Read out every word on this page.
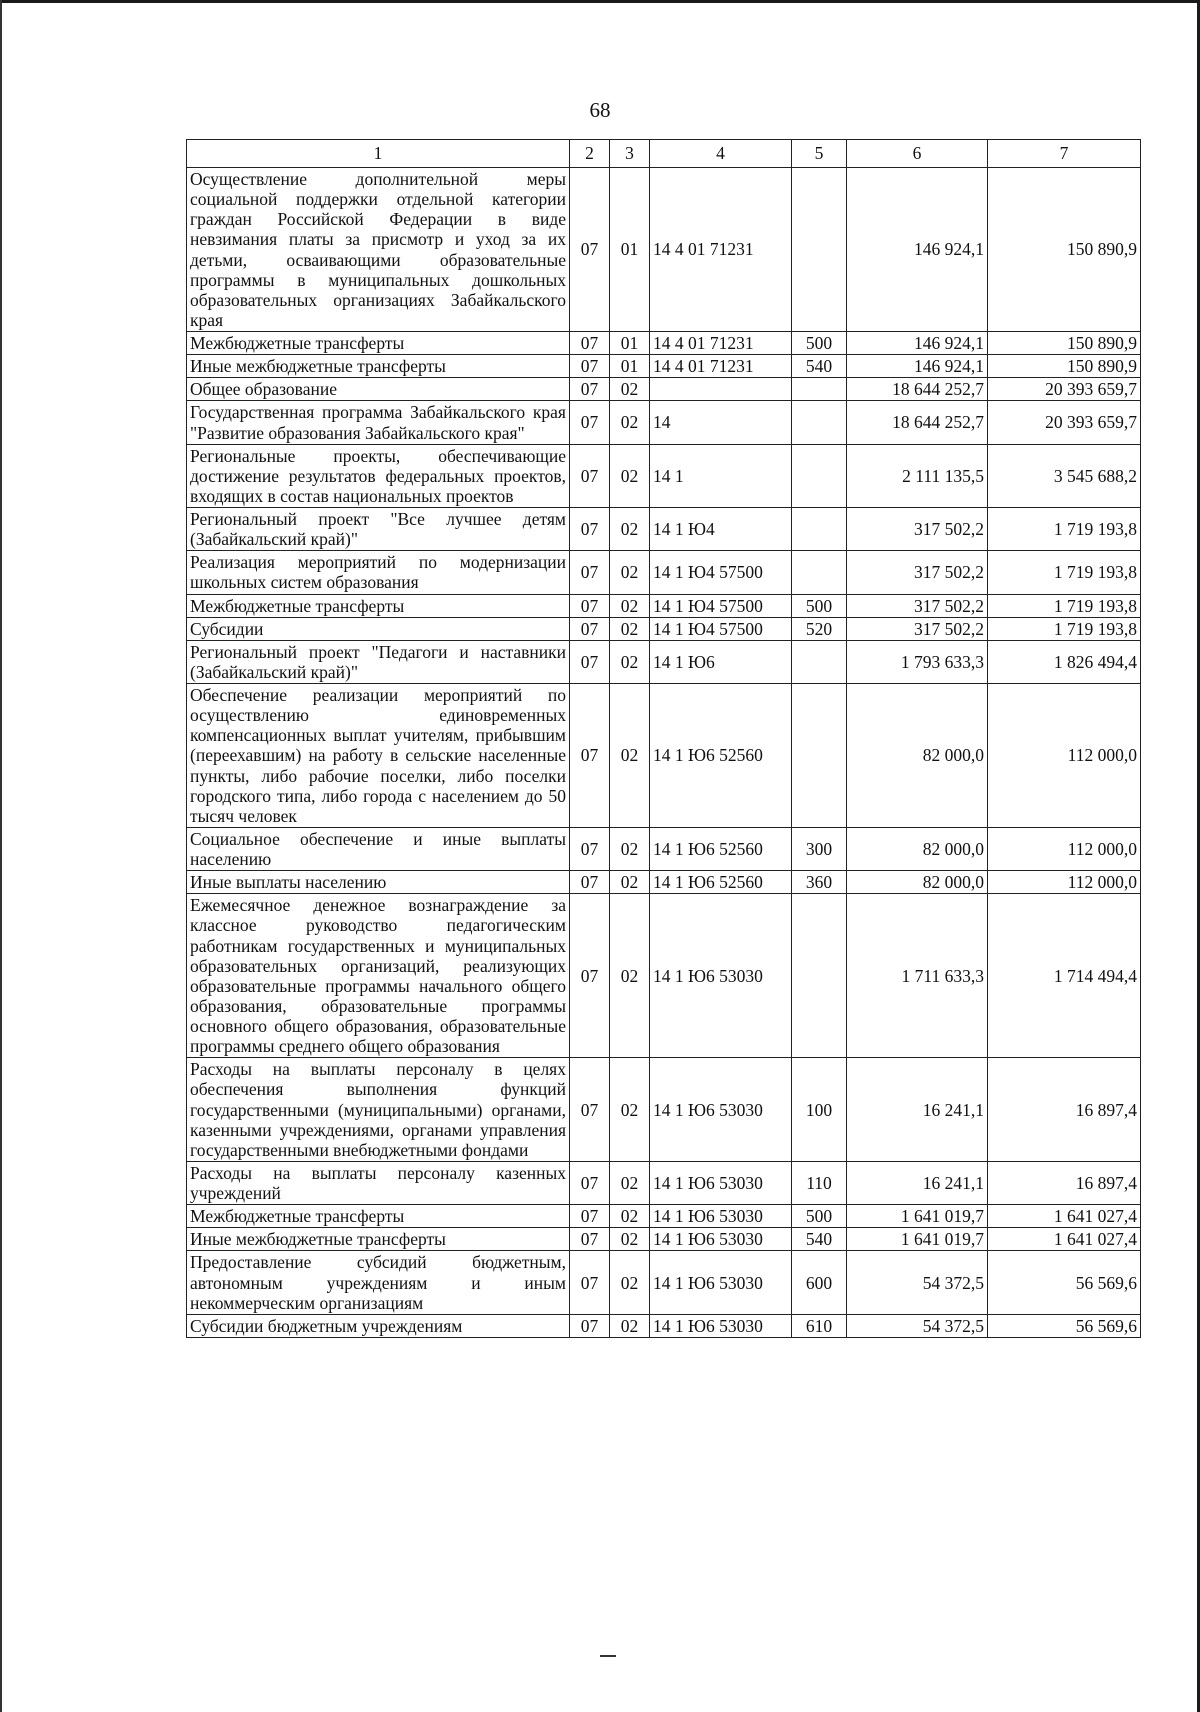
68
1	2	3	4	5	6	7
Осуществление дополнительной меры социальной поддержки отдельной категории граждан Российской Федерации в виде невзимания платы за присмотр и уход за их детьми, осваивающими образовательные программы в муниципальных дошкольных образовательных организациях Забайкальского края	07	01	14 4 01 71231		146 924,1	150 890,9
Межбюджетные трансферты	07	01	14 4 01 71231	500	146 924,1	150 890,9
Иные межбюджетные трансферты	07	01	14 4 01 71231	540	146 924,1	150 890,9
Общее образование	07	02			18 644 252,7	20 393 659,7
Государственная программа Забайкальского края "Развитие образования Забайкальского края"	07	02	14		18 644 252,7	20 393 659,7
Региональные проекты, обеспечивающие достижение результатов федеральных проектов, входящих в состав национальных проектов	07	02	14 1		2 111 135,5	3 545 688,2
Региональный проект "Все лучшее детям (Забайкальский край)"	07	02	14 1 Ю4		317 502,2	1 719 193,8
Реализация мероприятий по модернизации школьных систем образования	07	02	14 1 Ю4 57500		317 502,2	1 719 193,8
Межбюджетные трансферты	07	02	14 1 Ю4 57500	500	317 502,2	1 719 193,8
Субсидии	07	02	14 1 Ю4 57500	520	317 502,2	1 719 193,8
Региональный проект "Педагоги и наставники (Забайкальский край)"	07	02	14 1 Ю6		1 793 633,3	1 826 494,4
Обеспечение реализации мероприятий по осуществлению единовременных компенсационных выплат учителям, прибывшим (переехавшим) на работу в сельские населенные пункты, либо рабочие поселки, либо поселки городского типа, либо города с населением до 50 тысяч человек	07	02	14 1 Ю6 52560		82 000,0	112 000,0
Социальное обеспечение и иные выплаты населению	07	02	14 1 Ю6 52560	300	82 000,0	112 000,0
Иные выплаты населению	07	02	14 1 Ю6 52560	360	82 000,0	112 000,0
Ежемесячное денежное вознаграждение за классное руководство педагогическим работникам государственных и муниципальных образовательных организаций, реализующих образовательные программы начального общего образования, образовательные программы основного общего образования, образовательные программы среднего общего образования	07	02	14 1 Ю6 53030		1 711 633,3	1 714 494,4
Расходы на выплаты персоналу в целях обеспечения выполнения функций государственными (муниципальными) органами, казенными учреждениями, органами управления государственными внебюджетными фондами	07	02	14 1 Ю6 53030	100	16 241,1	16 897,4
Расходы на выплаты персоналу казенных учреждений	07	02	14 1 Ю6 53030	110	16 241,1	16 897,4
Межбюджетные трансферты	07	02	14 1 Ю6 53030	500	1 641 019,7	1 641 027,4
Иные межбюджетные трансферты	07	02	14 1 Ю6 53030	540	1 641 019,7	1 641 027,4
Предоставление субсидий бюджетным, автономным учреждениям и иным некоммерческим организациям	07	02	14 1 Ю6 53030	600	54 372,5	56 569,6
Субсидии бюджетным учреждениям	07	02	14 1 Ю6 53030	610	54 372,5	56 569,6
